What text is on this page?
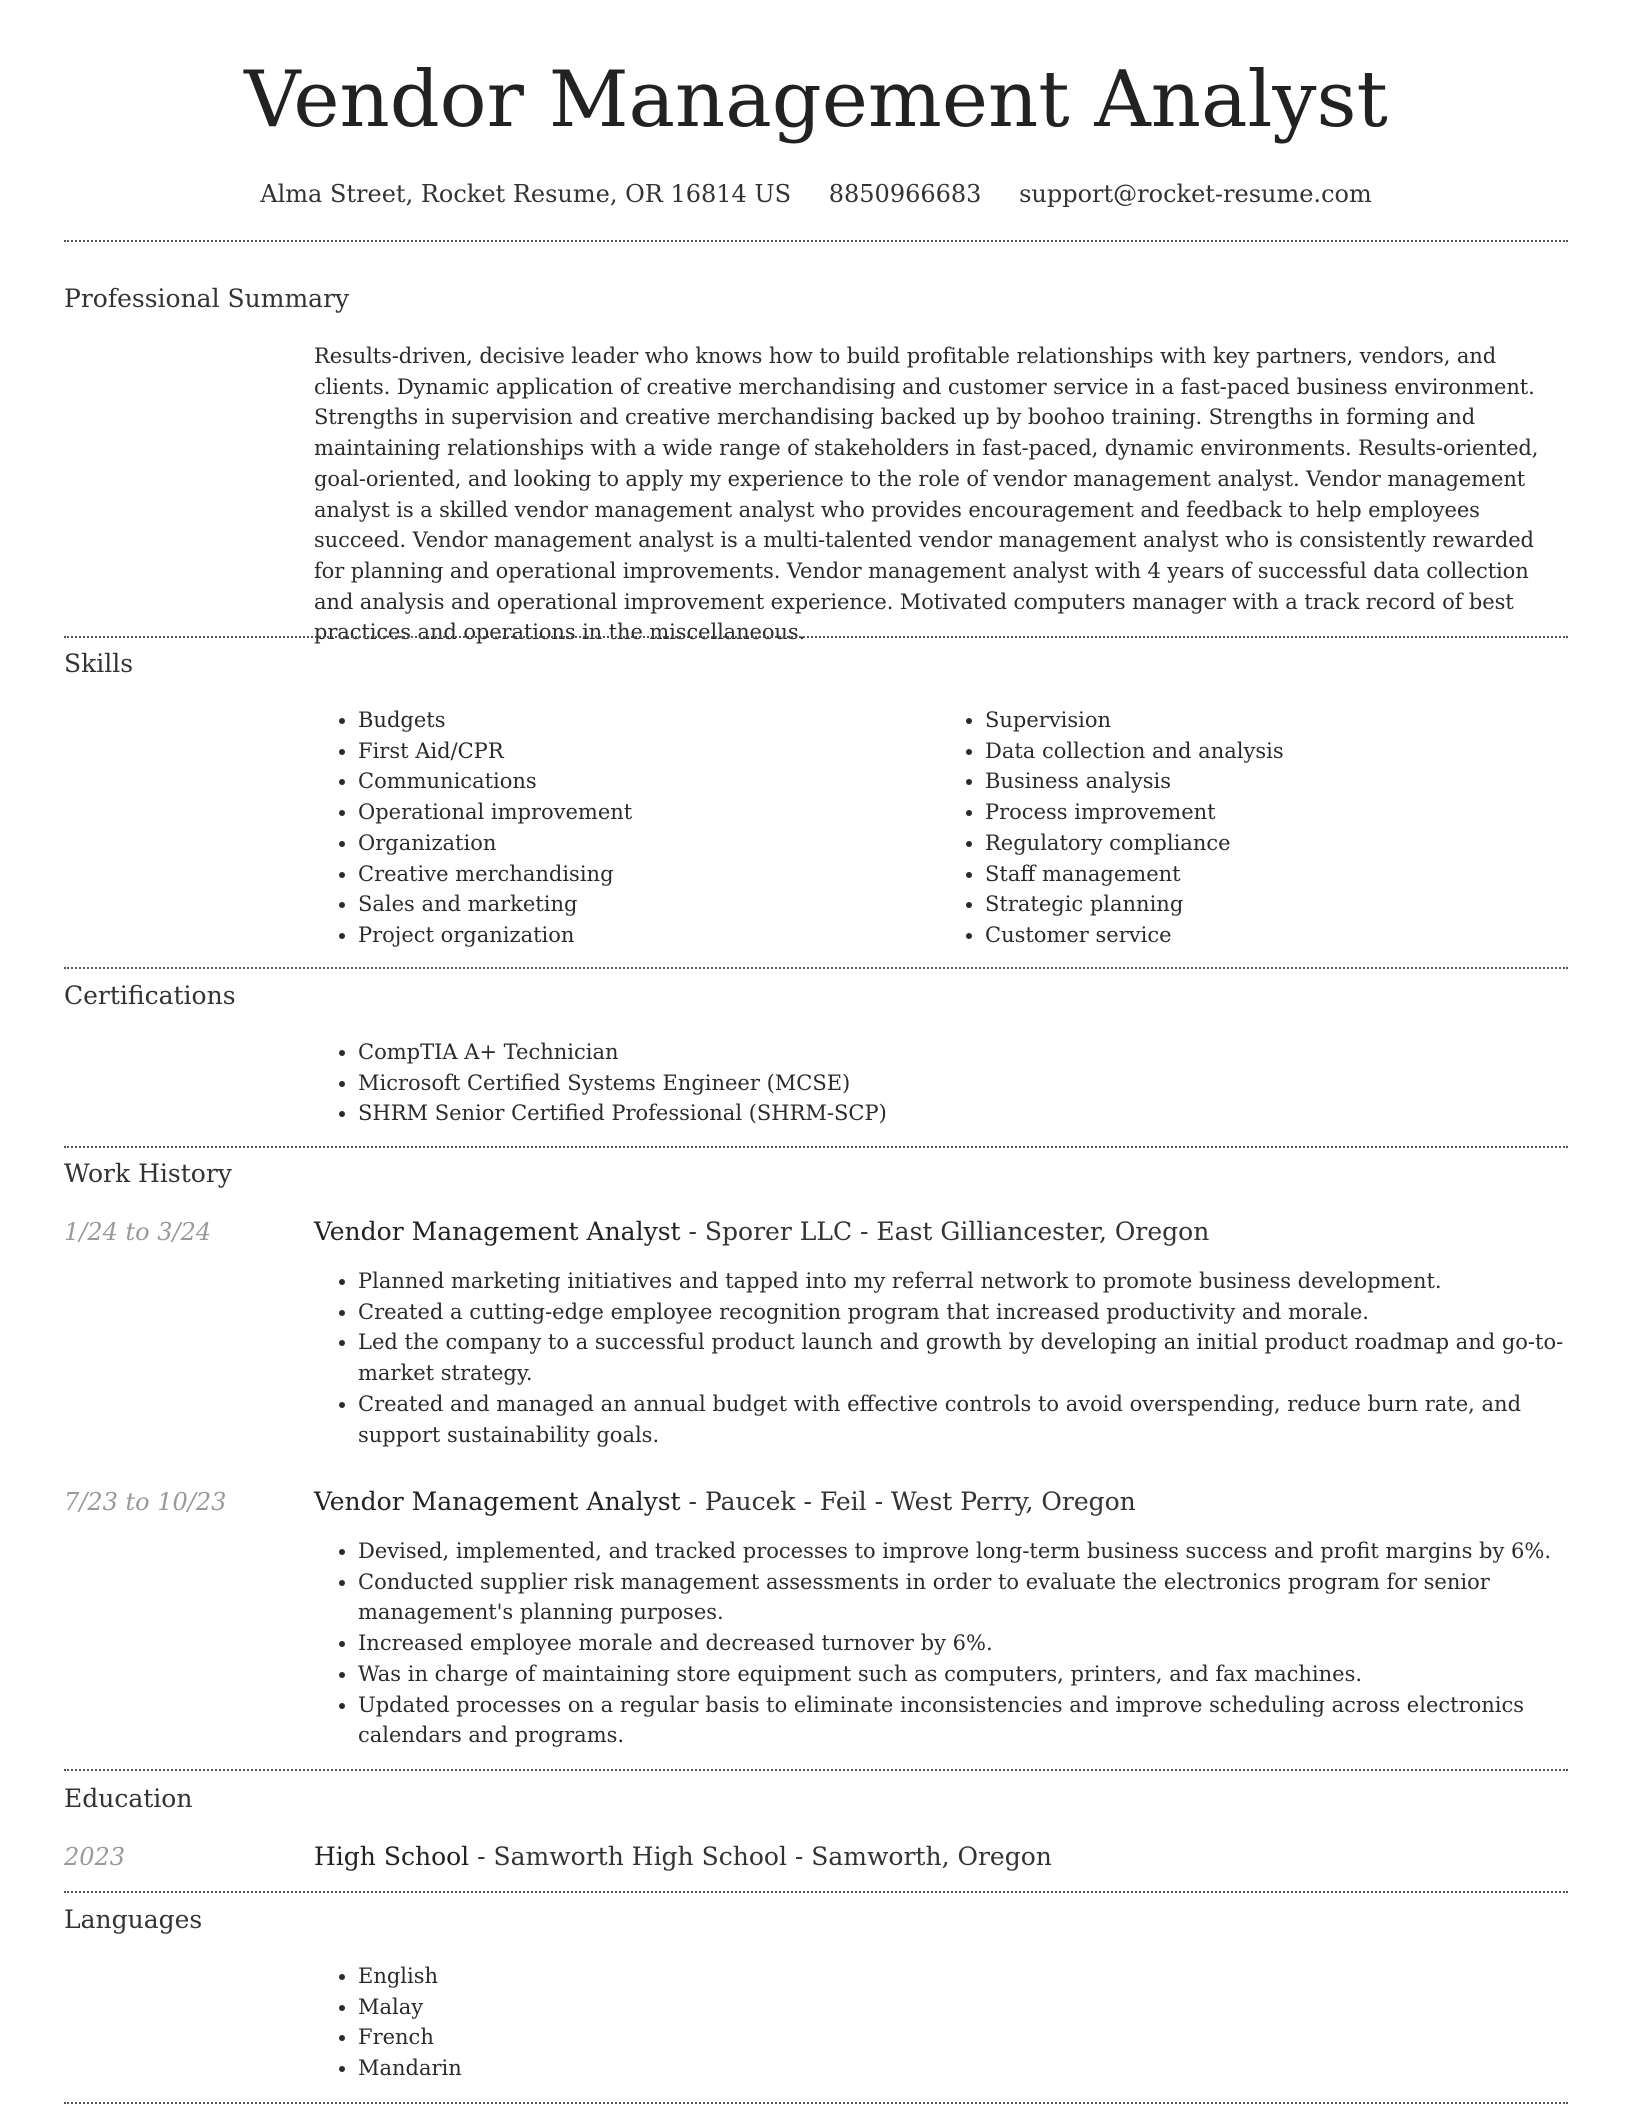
Vendor Management Analyst
Alma Street, Rocket Resume, OR 16814 US 8850966683 support@rocket-resume.com
Professional Summary

Results-driven, decisive leader who knows how to build profitable relationships with key partners, vendors, and clients. Dynamic application of creative merchandising and customer service in a fast-paced business environment. Strengths in supervision and creative merchandising backed up by boohoo training. Strengths in forming and maintaining relationships with a wide range of stakeholders in fast-paced, dynamic environments. Results-oriented, goal-oriented, and looking to apply my experience to the role of vendor management analyst. Vendor management analyst is a skilled vendor management analyst who provides encouragement and feedback to help employees succeed. Vendor management analyst is a multi-talented vendor management analyst who is consistently rewarded for planning and operational improvements. Vendor management analyst with 4 years of successful data collection and analysis and operational improvement experience. Motivated computers manager with a track record of best practices and operations in the miscellaneous.

Skills
• Budgets
• First Aid/CPR
• Communications
• Operational improvement
• Organization
• Creative merchandising
• Sales and marketing
• Project organization
• Supervision
• Data collection and analysis
• Business analysis
• Process improvement
• Regulatory compliance
• Staff management
• Strategic planning
• Customer service
Certifications
• CompTIA A+ Technician
• Microsoft Certified Systems Engineer (MCSE)
• SHRM Senior Certified Professional (SHRM-SCP)
Work History
1/24 to 3/24	Vendor Management Analyst - Sporer LLC - East Gilliancester, Oregon
• Planned marketing initiatives and tapped into my referral network to promote business development.
• Created a cutting-edge employee recognition program that increased productivity and morale.
• Led the company to a successful product launch and growth by developing an initial product roadmap and go-to-market strategy.
• Created and managed an annual budget with effective controls to avoid overspending, reduce burn rate, and support sustainability goals.
7/23 to 10/23	Vendor Management Analyst - Paucek - Feil - West Perry, Oregon
• Devised, implemented, and tracked processes to improve long-term business success and profit margins by 6%.
• Conducted supplier risk management assessments in order to evaluate the electronics program for senior management's planning purposes.
• Increased employee morale and decreased turnover by 6%.
• Was in charge of maintaining store equipment such as computers, printers, and fax machines.
• Updated processes on a regular basis to eliminate inconsistencies and improve scheduling across electronics calendars and programs.
Education
2023	High School - Samworth High School - Samworth, Oregon
Languages
• English
• Malay
• French
• Mandarin
